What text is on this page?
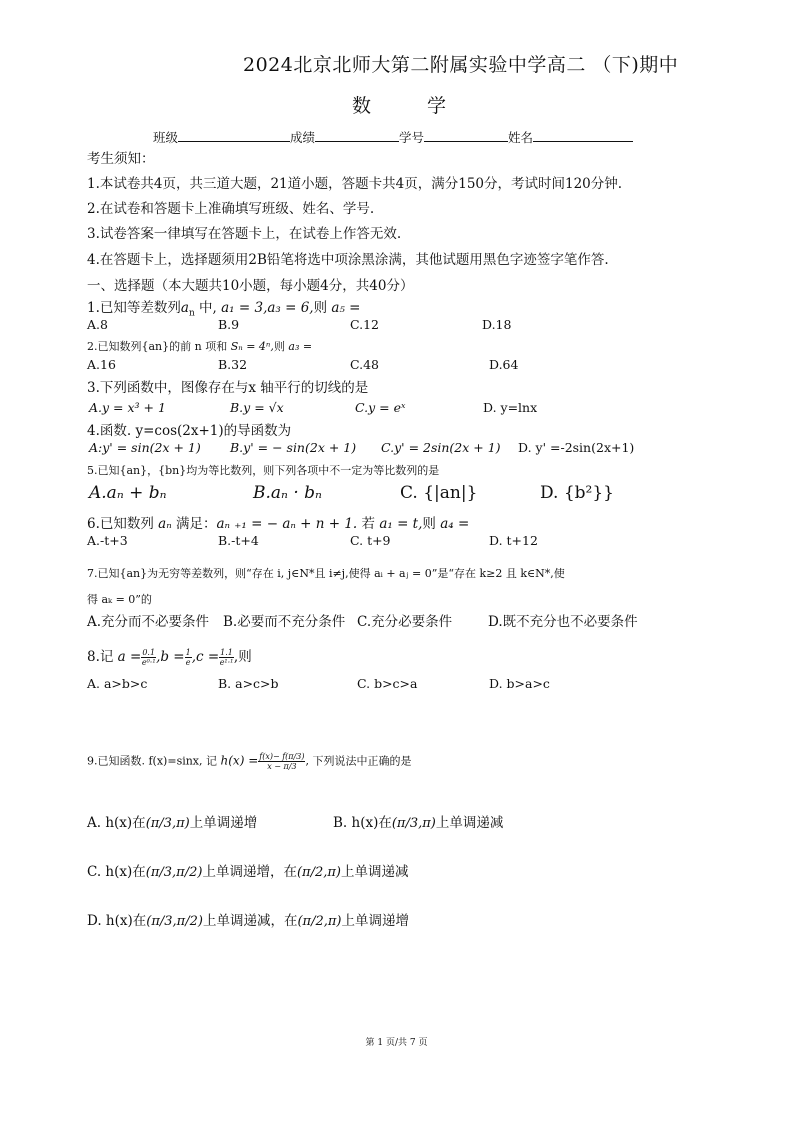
2024北京北师大第二附属实验中学高二 （下)期中
数 学
班级	成绩	学号	姓名
考生须知：
1.本试卷共4页，共三道大题，21道小题，答题卡共4页，满分150分，考试时间120分钟.
2.在试卷和答题卡上准确填写班级、姓名、学号.
3.试卷答案一律填写在答题卡上，在试卷上作答无效.
4.在答题卡上，选择题须用2B铅笔将选中项涂黑涂满，其他试题用黑色字迹签字笔作答.
一、选择题（本大题共10小题，每小题4分，共40分）
1.已知等差数列$a_n$ 中, a₁ = 3,a₃ = 6,则 a₅ =
A.8	B.9	C.12	D.18
2.已知数列{an}的前 n 项和 Sₙ = 4ⁿ,则 a₃ =
A.16	B.32	C.48	D.64
3.下列函数中，图像存在与x 轴平行的切线的是
A.y = x³ + 1	B.y = √x	C.y = eˣ	D. y=lnx
4.函数. y=cos(2x+1)的导函数为
A:y' = sin(2x + 1) B.y' = − sin(2x + 1) C.y' = 2sin(2x + 1) D. y' =-2sin(2x+1)
5.已知{an}，{bn}均为等比数列，则下列各项中不一定为等比数列的是
A.aₙ + bₙ	B.aₙ · bₙ	C. {|an|}	D. {b²}}
6.已知数列 aₙ 满足：aₙ ₊₁ = − aₙ + n + 1. 若 a₁ = t,则 a₄ =
A.-t+3	B.-t+4	C. t+9	D. t+12
7.已知{an}为无穷等差数列，则“存在 i, j∈N*且 i≠j,使得 aᵢ + aⱼ = 0”是“存在 k≥2 且 k∈N*,使
得 aₖ = 0”的
A.充分而不必要条件 B.必要而不充分条件 C.充分必要条件	D.既不充分也不必要条件
8.记 $a = \frac{0.1}{\text{e⁰·¹}} ,b = \frac{1}{e} ,c = \frac{1.1}{\text{e¹·¹}}$ ,则
A. a>b>c	B. a>c>b	C. b>c>a	D. b>a>c
9.已知函数. f(x)=sinx, 记 $h(x) = \frac{f(x)- f(\pi/3)}{x - \pi/3}$ , 下列说法中正确的是
A. h(x)在(π/3,π)上单调递增	B. h(x)在(π/3,π)上单调递减
C. h(x)在(π/3,π/2)上单调递增，在(π/2,π)上单调递减
D. h(x)在(π/3,π/2)上单调递减，在(π/2,π)上单调递增
第 1 页/共 7 页
